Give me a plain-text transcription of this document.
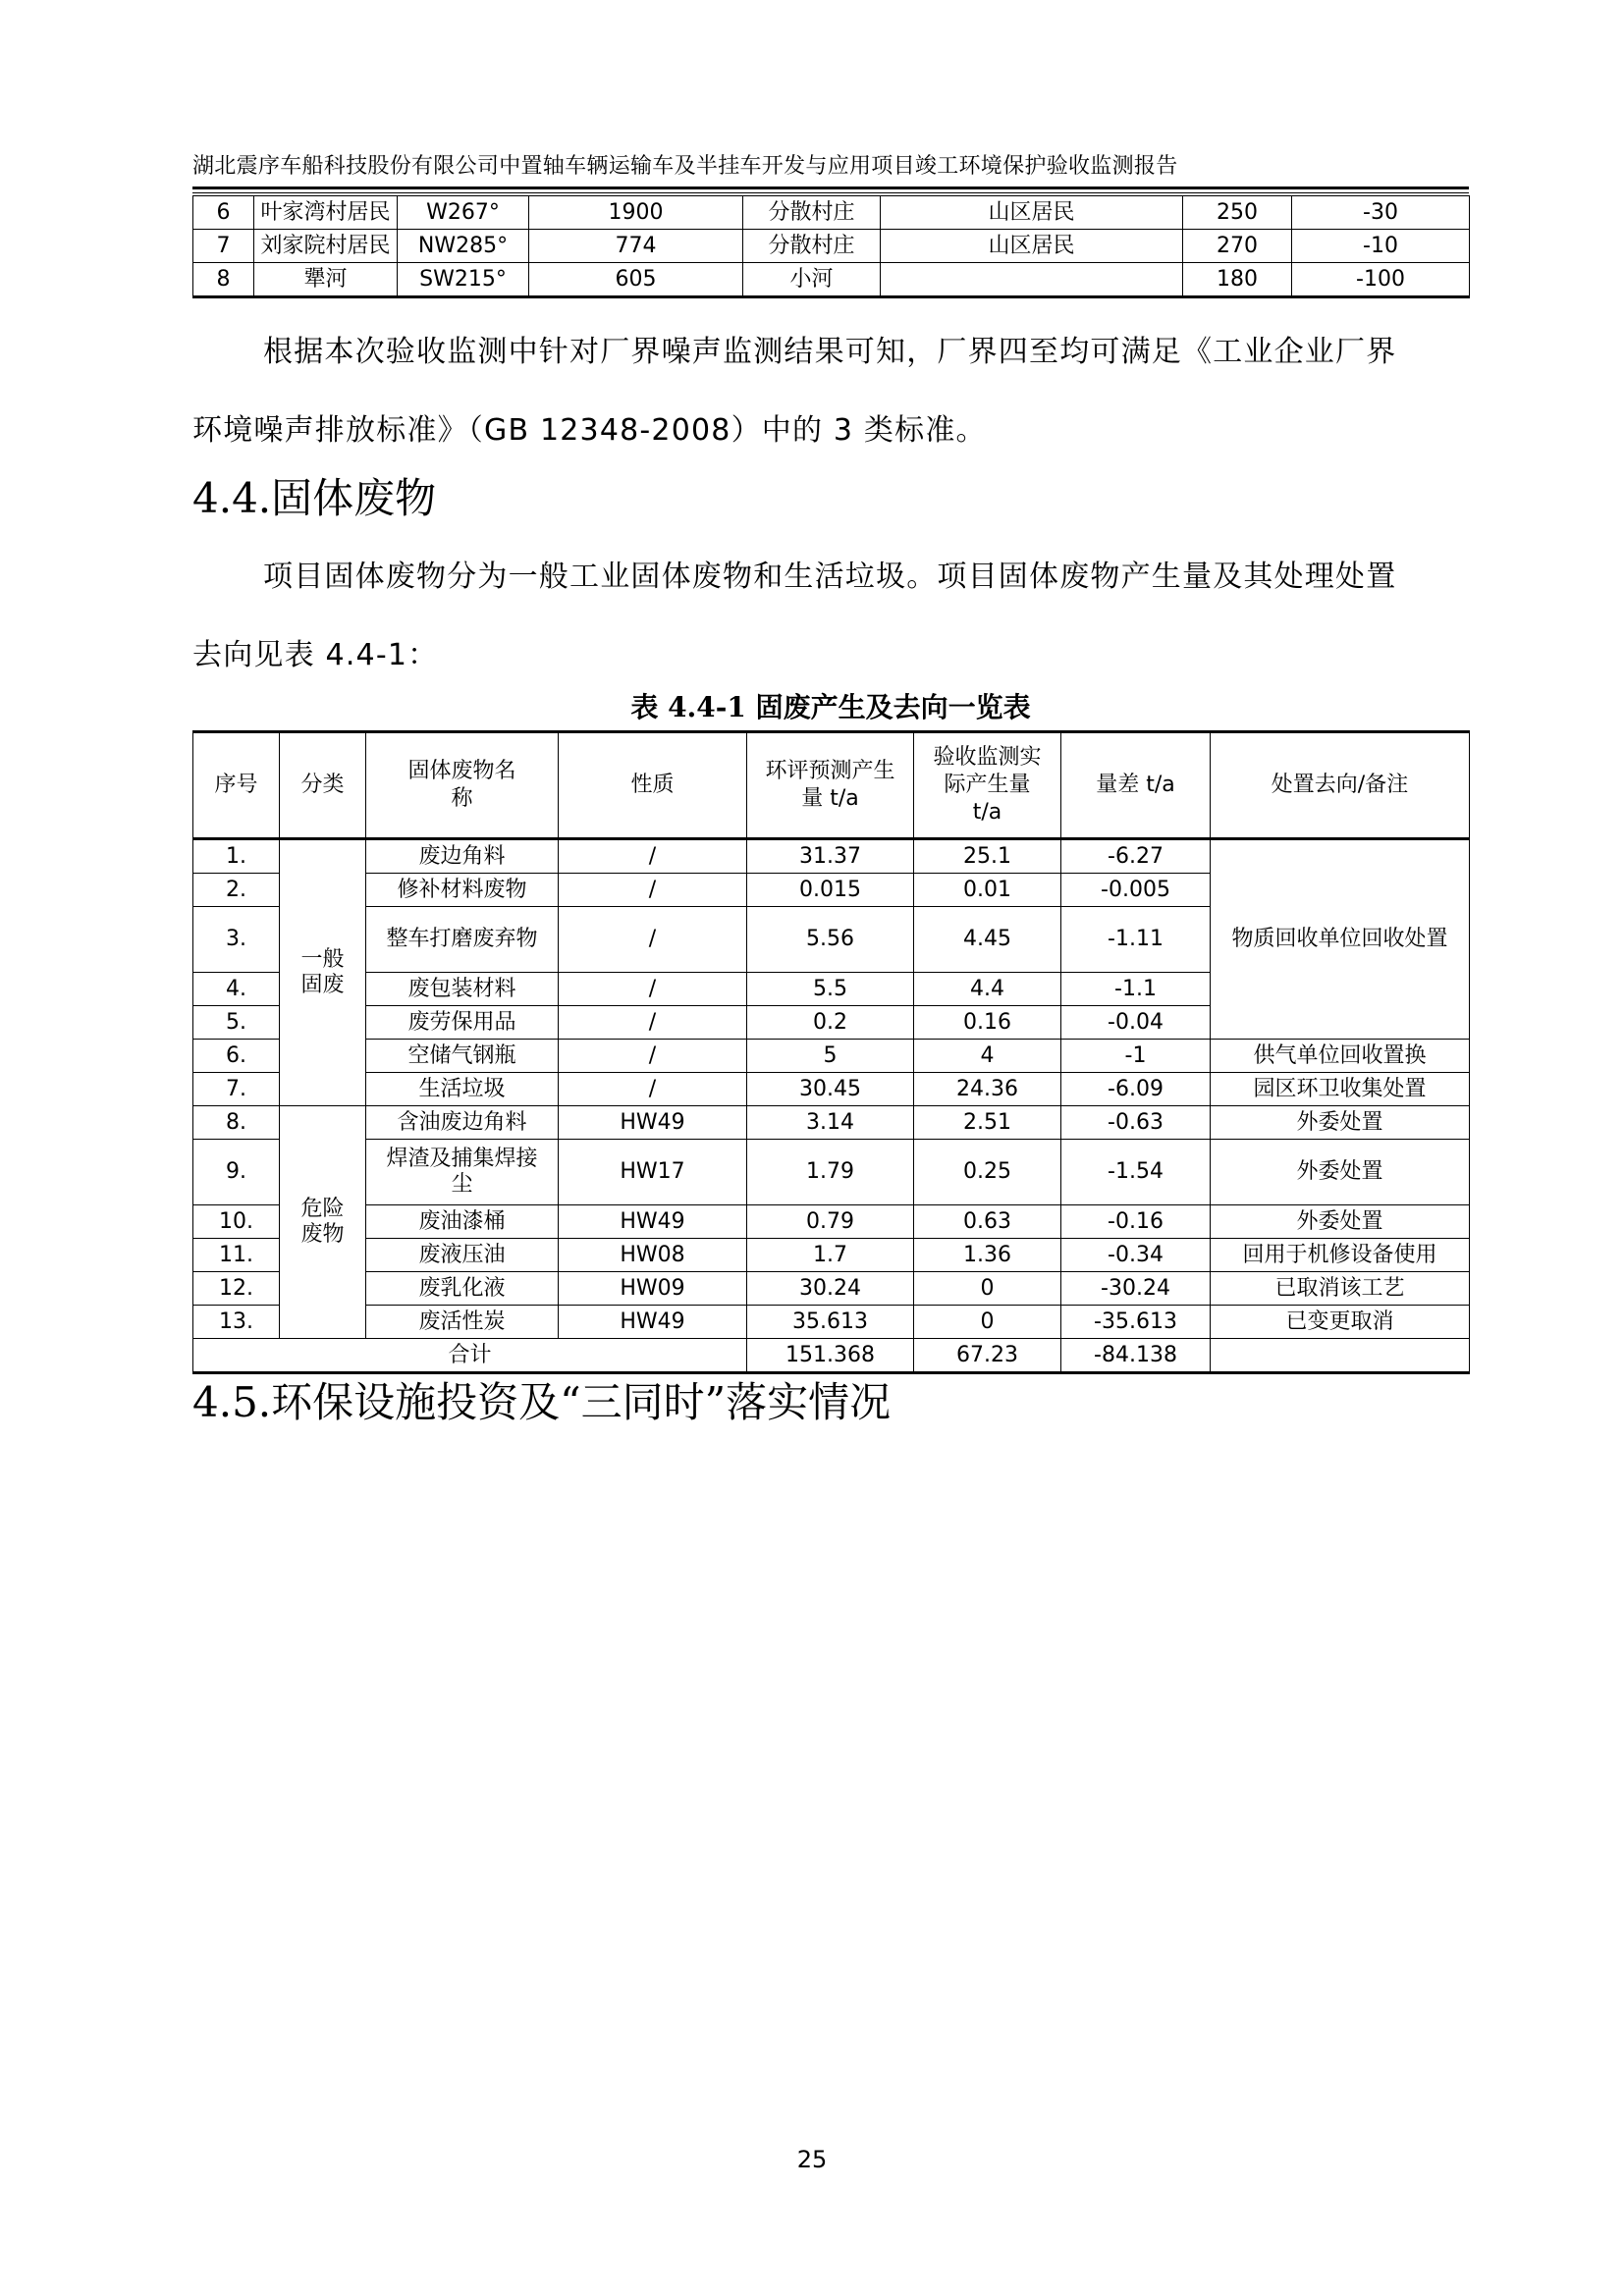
湖北震序车船科技股份有限公司中置轴车辆运输车及半挂车开发与应用项目竣工环境保护验收监测报告
6	叶家湾村居民	W267°	1900	分散村庄	山区居民	250	-30
7	刘家院村居民	NW285°	774	分散村庄	山区居民	270	-10
8	犟河	SW215°	605	小河		180	-100
根据本次验收监测中针对厂界噪声监测结果可知，厂界四至均可满足《工业企业厂界
环境噪声排放标准》（GB 12348-2008）中的 3 类标准。
4.4.固体废物
项目固体废物分为一般工业固体废物和生活垃圾。项目固体废物产生量及其处理处置
去向见表 4.4-1：
表 4.4-1 固废产生及去向一览表
序号	分类	固体废物名称	性质	环评预测产生量 t/a	验收监测实际产生量 t/a	量差 t/a	处置去向/备注
1.	一般固废	废边角料	/	31.37	25.1	-6.27	物质回收单位回收处置

2.		修补材料废物	/	0.015	0.01	-0.005	
3.		整车打磨废弃物	/	5.56	4.45	-1.11	
4.		废包装材料	/	5.5	4.4	-1.1	
5.		废劳保用品	/	0.2	0.16	-0.04	
6.		空储气钢瓶	/	5	4	-1	供气单位回收置换
7.		生活垃圾	/	30.45	24.36	-6.09	园区环卫收集处置
8.	危险废物	含油废边角料	HW49	3.14	2.51	-0.63	外委处置
9.		焊渣及捕集焊接尘	HW17	1.79	0.25	-1.54	外委处置
10.		废油漆桶	HW49	0.79	0.63	-0.16	外委处置
11.		废液压油	HW08	1.7	1.36	-0.34	回用于机修设备使用
12.		废乳化液	HW09	30.24	0	-30.24	已取消该工艺
13.		废活性炭	HW49	35.613	0	-35.613	已变更取消
合计				151.368	67.23	-84.138	
4.5.环保设施投资及“三同时”落实情况
25
